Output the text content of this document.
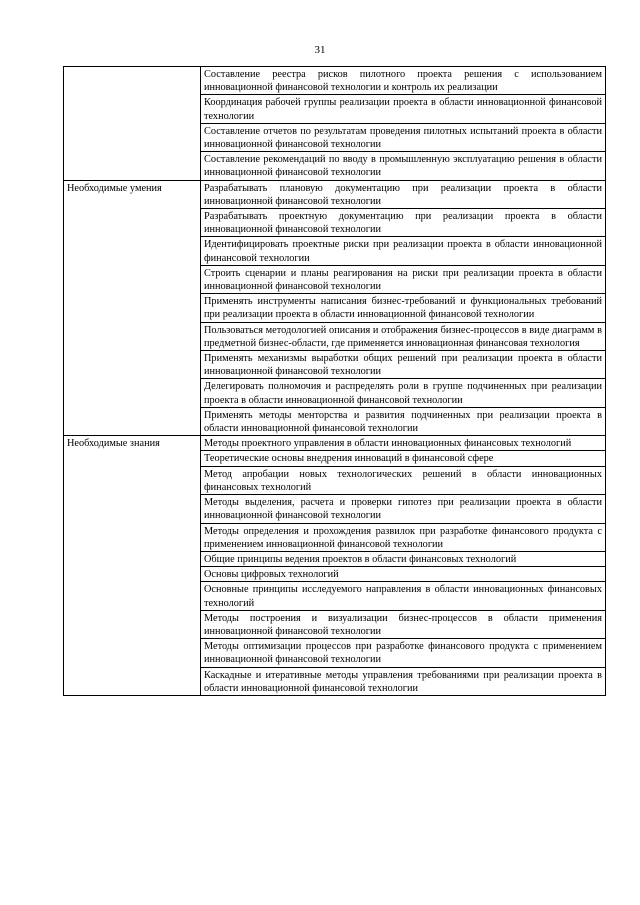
31
	Составление реестра рисков пилотного проекта решения с использованием инновационной финансовой технологии и контроль их реализации
	Координация рабочей группы реализации проекта в области инновационной финансовой технологии
	Составление отчетов по результатам проведения пилотных испытаний проекта в области инновационной финансовой технологии
	Составление рекомендаций по вводу в промышленную эксплуатацию решения в области инновационной финансовой технологии
Необходимые умения	Разрабатывать плановую документацию при реализации проекта в области инновационной финансовой технологии
	Разрабатывать проектную документацию при реализации проекта в области инновационной финансовой технологии
	Идентифицировать проектные риски при реализации проекта в области инновационной финансовой технологии
	Строить сценарии и планы реагирования на риски при реализации проекта в области инновационной финансовой технологии
	Применять инструменты написания бизнес-требований и функциональных требований при реализации проекта в области инновационной финансовой технологии
	Пользоваться методологией описания и отображения бизнес-процессов в виде диаграмм в предметной бизнес-области, где применяется инновационная финансовая технология
	Применять механизмы выработки общих решений при реализации проекта в области инновационной финансовой технологии
	Делегировать полномочия и распределять роли в группе подчиненных при реализации проекта в области инновационной финансовой технологии
	Применять методы менторства и развития подчиненных при реализации проекта в области инновационной финансовой технологии
Необходимые знания	Методы проектного управления в области инновационных финансовых технологий
	Теоретические основы внедрения инноваций в финансовой сфере
	Метод апробации новых технологических решений в области инновационных финансовых технологий
	Методы выделения, расчета и проверки гипотез при реализации проекта в области инновационной финансовой технологии
	Методы определения и прохождения развилок при разработке финансового продукта с применением инновационной финансовой технологии
	Общие принципы ведения проектов в области финансовых технологий
	Основы цифровых технологий
	Основные принципы исследуемого направления в области инновационных финансовых технологий
	Методы построения и визуализации бизнес-процессов в области применения инновационной финансовой технологии
	Методы оптимизации процессов при разработке финансового продукта с применением инновационной финансовой технологии
	Каскадные и итеративные методы управления требованиями при реализации проекта в области инновационной финансовой технологии
